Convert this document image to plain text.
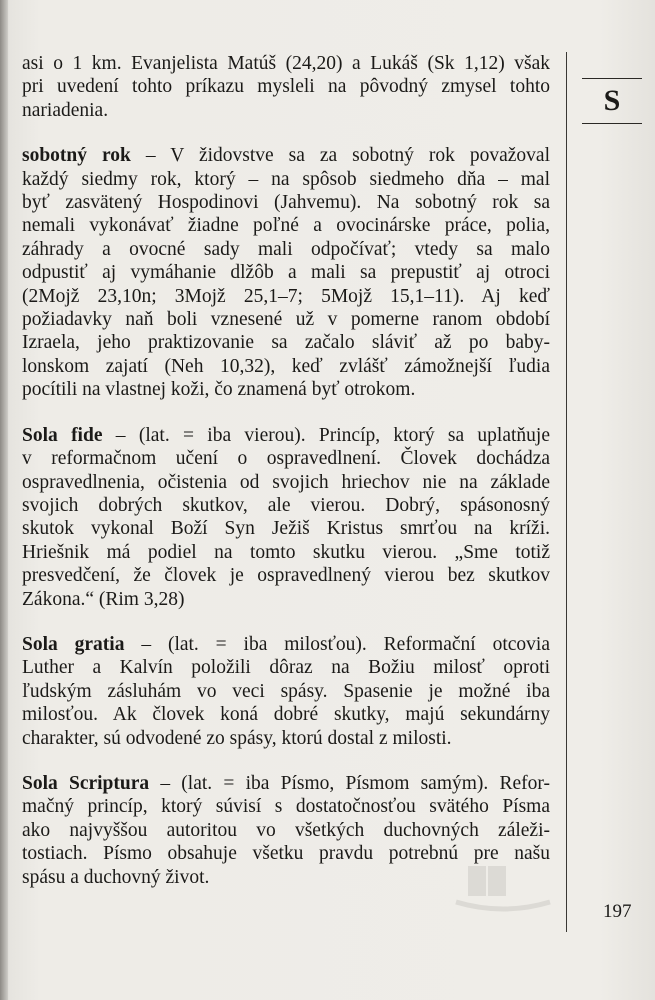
asi o 1 km. Evanjelista Matúš (24,20) a Lukáš (Sk 1,12) však
pri uvedení tohto príkazu mysleli na pôvodný zmysel tohto
nariadenia.

sobotný rok – V židovstve sa za sobotný rok považoval
každý siedmy rok, ktorý – na spôsob siedmeho dňa – mal
byť zasvätený Hospodinovi (Jahvemu). Na sobotný rok sa
nemali vykonávať žiadne poľné a ovocinárske práce, polia,
záhrady a ovocné sady mali odpočívať; vtedy sa malo
odpustiť aj vymáhanie dlžôb a mali sa prepustiť aj otroci
(2Mojž 23,10n; 3Mojž 25,1–7; 5Mojž 15,1–11). Aj keď
požiadavky naň boli vznesené už v pomerne ranom období
Izraela, jeho praktizovanie sa začalo sláviť až po baby-
lonskom zajatí (Neh 10,32), keď zvlášť zámožnejší ľudia
pocítili na vlastnej koži, čo znamená byť otrokom.

Sola fide – (lat. = iba vierou). Princíp, ktorý sa uplatňuje
v reformačnom učení o ospravedlnení. Človek dochádza
ospravedlnenia, očistenia od svojich hriechov nie na základe
svojich dobrých skutkov, ale vierou. Dobrý, spásonosný
skutok vykonal Boží Syn Ježiš Kristus smrťou na kríži.
Hriešnik má podiel na tomto skutku vierou. „Sme totiž
presvedčení, že človek je ospravedlnený vierou bez skutkov
Zákona.“ (Rim 3,28)

Sola gratia – (lat. = iba milosťou). Reformační otcovia
Luther a Kalvín položili dôraz na Božiu milosť oproti
ľudským zásluhám vo veci spásy. Spasenie je možné iba
milosťou. Ak človek koná dobré skutky, majú sekundárny
charakter, sú odvodené zo spásy, ktorú dostal z milosti.

Sola Scriptura – (lat. = iba Písmo, Písmom samým). Refor-
mačný princíp, ktorý súvisí s dostatočnosťou svätého Písma
ako najvyššou autoritou vo všetkých duchovných záleži-
tostiach. Písmo obsahuje všetku pravdu potrebnú pre našu
spásu a duchovný život.

S
197
